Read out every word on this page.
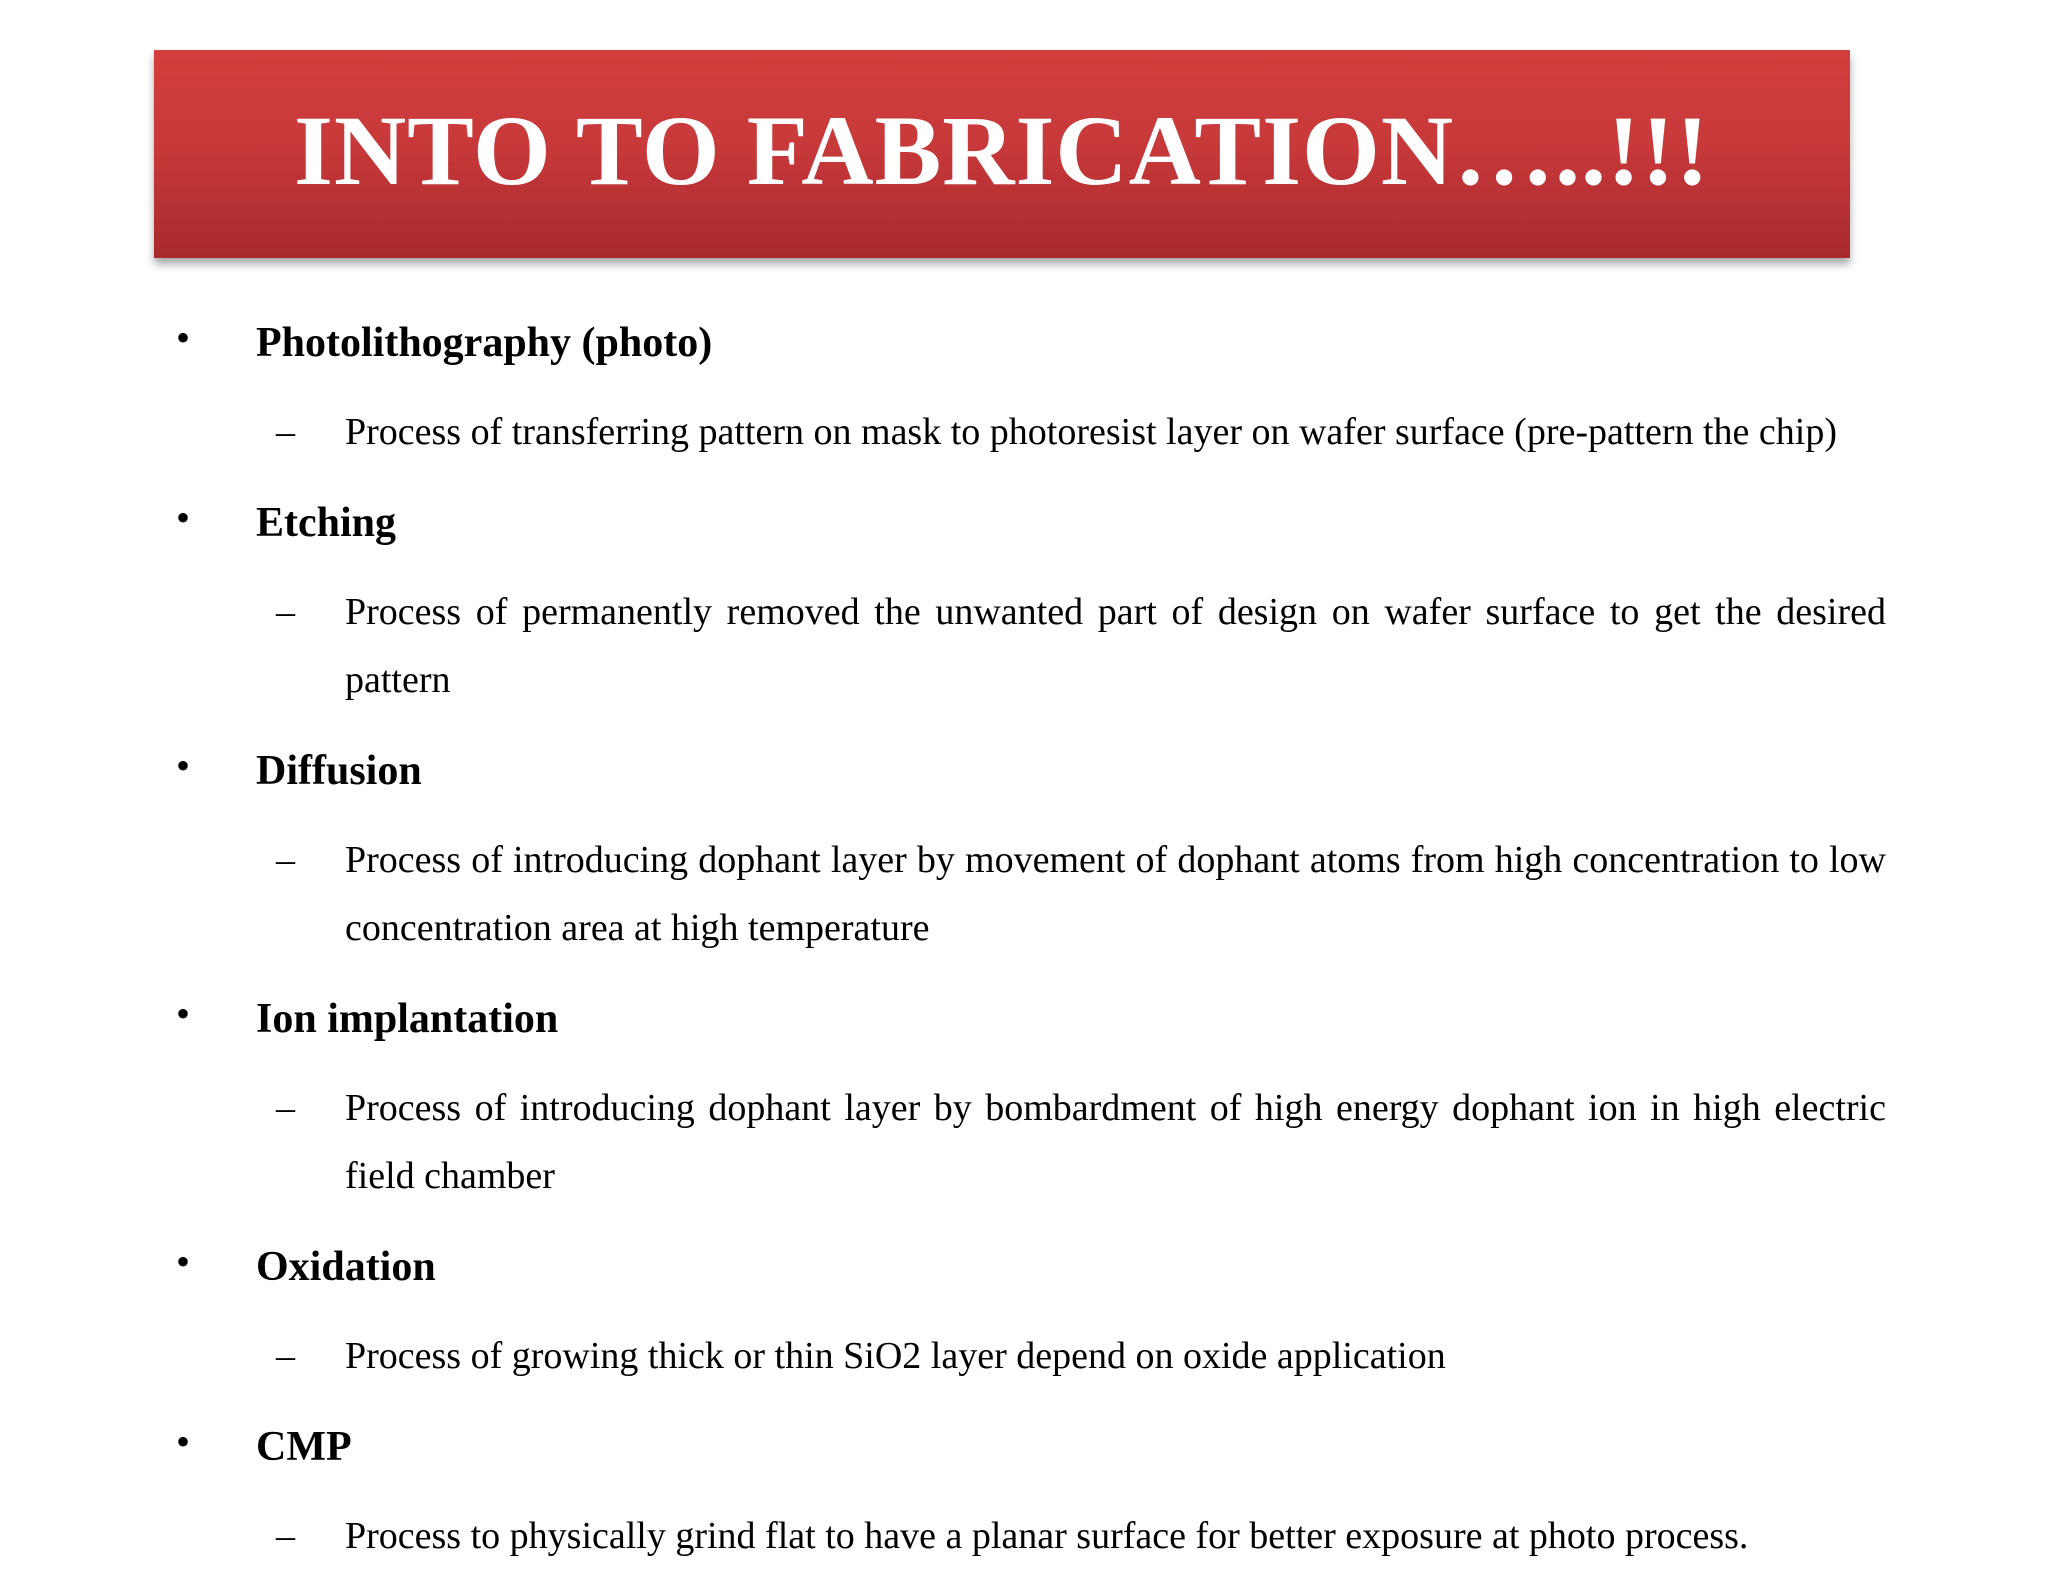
INTO TO FABRICATION…..!!!
• Photolithography (photo)
– Process of transferring pattern on mask to photoresist layer on wafer surface (pre-pattern the chip)
• Etching
– Process of permanently removed the unwanted part of design on wafer surface to get the desired pattern
• Diffusion
– Process of introducing dophant layer by movement of dophant atoms from high concentration to low concentration area at high temperature
• Ion implantation
– Process of introducing dophant layer by bombardment of high energy dophant ion in high electric field chamber
• Oxidation
– Process of growing thick or thin SiO2 layer depend on oxide application
• CMP
– Process to physically grind flat to have a planar surface for better exposure at photo process.
